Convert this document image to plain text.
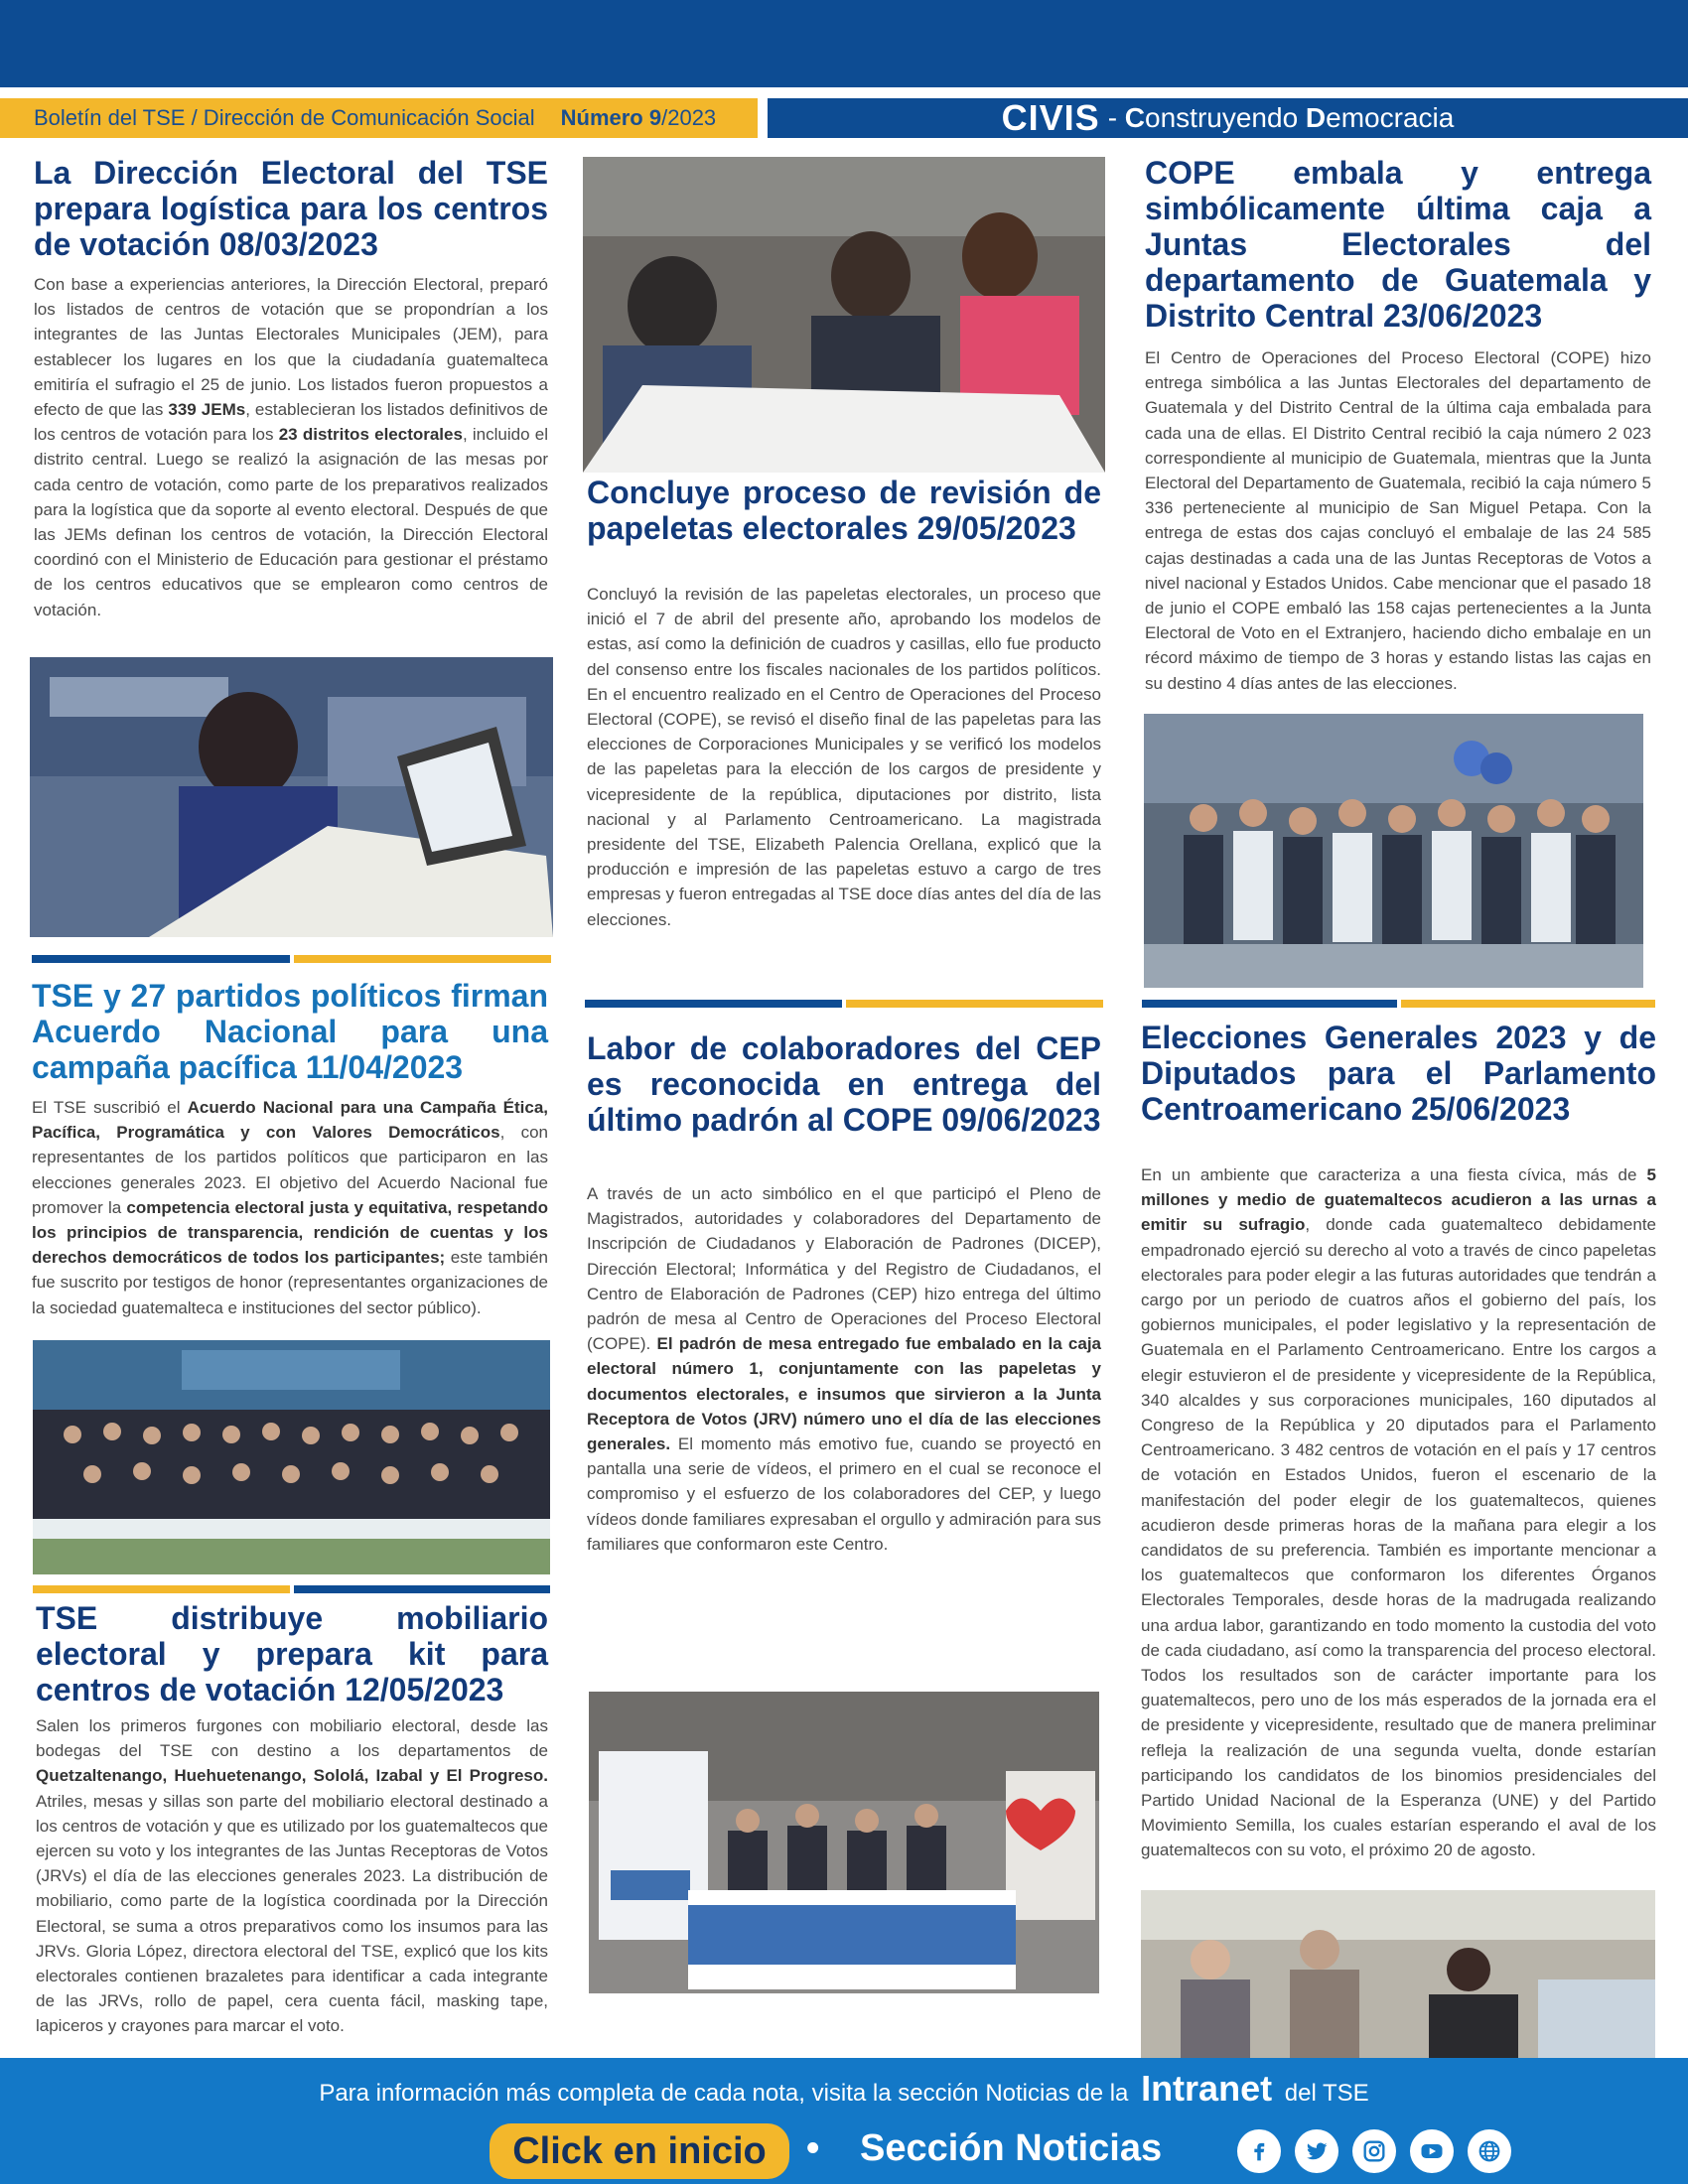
Boletín del TSE / Dirección de Comunicación Social Número 9/2023	CIVIS - Construyendo Democracia
La Dirección Electoral del TSE prepara logística para los centros de votación 08/03/2023

Con base a experiencias anteriores, la Dirección Electoral, preparó los listados de centros de votación que se propondrían a los integrantes de las Juntas Electorales Municipales (JEM), para establecer los lugares en los que la ciudadanía guatemalteca emitiría el sufragio el 25 de junio. Los listados fueron propuestos a efecto de que las 339 JEMs, establecieran los listados definitivos de los centros de votación para los 23 distritos electorales, incluido el distrito central. Luego se realizó la asignación de las mesas por cada centro de votación, como parte de los preparativos realizados para la logística que da soporte al evento electoral. Después de que las JEMs definan los centros de votación, la Dirección Electoral coordinó con el Ministerio de Educación para gestionar el préstamo de los centros educativos que se emplearon como centros de votación.

TSE y 27 partidos políticos firman Acuerdo Nacional para una campaña pacífica 11/04/2023

El TSE suscribió el Acuerdo Nacional para una Campaña Ética, Pacífica, Programática y con Valores Democráticos, con representantes de los partidos políticos que participaron en las elecciones generales 2023. El objetivo del Acuerdo Nacional fue promover la competencia electoral justa y equitativa, respetando los principios de transparencia, rendición de cuentas y los derechos democráticos de todos los participantes; este también fue suscrito por testigos de honor (representantes organizaciones de la sociedad guatemalteca e instituciones del sector público).

TSE distribuye mobiliario electoral y prepara kit para centros de votación 12/05/2023

Salen los primeros furgones con mobiliario electoral, desde las bodegas del TSE con destino a los departamentos de Quetzaltenango, Huehuetenango, Sololá, Izabal y El Progreso. Atriles, mesas y sillas son parte del mobiliario electoral destinado a los centros de votación y que es utilizado por los guatemaltecos que ejercen su voto y los integrantes de las Juntas Receptoras de Votos (JRVs) el día de las elecciones generales 2023. La distribución de mobiliario, como parte de la logística coordinada por la Dirección Electoral, se suma a otros preparativos como los insumos para las JRVs. Gloria López, directora electoral del TSE, explicó que los kits electorales contienen brazaletes para identificar a cada integrante de las JRVs, rollo de papel, cera cuenta fácil, masking tape, lapiceros y crayones para marcar el voto.

Concluye proceso de revisión de papeletas electorales 29/05/2023

Concluyó la revisión de las papeletas electorales, un proceso que inició el 7 de abril del presente año, aprobando los modelos de estas, así como la definición de cuadros y casillas, ello fue producto del consenso entre los fiscales nacionales de los partidos políticos. En el encuentro realizado en el Centro de Operaciones del Proceso Electoral (COPE), se revisó el diseño final de las papeletas para las elecciones de Corporaciones Municipales y se verificó los modelos de las papeletas para la elección de los cargos de presidente y vicepresidente de la república, diputaciones por distrito, lista nacional y al Parlamento Centroamericano. La magistrada presidente del TSE, Elizabeth Palencia Orellana, explicó que la producción e impresión de las papeletas estuvo a cargo de tres empresas y fueron entregadas al TSE doce días antes del día de las elecciones.

Labor de colaboradores del CEP es reconocida en entrega del último padrón al COPE 09/06/2023

A través de un acto simbólico en el que participó el Pleno de Magistrados, autoridades y colaboradores del Departamento de Inscripción de Ciudadanos y Elaboración de Padrones (DICEP), Dirección Electoral; Informática y del Registro de Ciudadanos, el Centro de Elaboración de Padrones (CEP) hizo entrega del último padrón de mesa al Centro de Operaciones del Proceso Electoral (COPE). El padrón de mesa entregado fue embalado en la caja electoral número 1, conjuntamente con las papeletas y documentos electorales, e insumos que sirvieron a la Junta Receptora de Votos (JRV) número uno el día de las elecciones generales. El momento más emotivo fue, cuando se proyectó en pantalla una serie de vídeos, el primero en el cual se reconoce el compromiso y el esfuerzo de los colaboradores del CEP, y luego vídeos donde familiares expresaban el orgullo y admiración para sus familiares que conformaron este Centro.

COPE embala y entrega simbólicamente última caja a Juntas Electorales del departamento de Guatemala y Distrito Central 23/06/2023

El Centro de Operaciones del Proceso Electoral (COPE) hizo entrega simbólica a las Juntas Electorales del departamento de Guatemala y del Distrito Central de la última caja embalada para cada una de ellas. El Distrito Central recibió la caja número 2 023 correspondiente al municipio de Guatemala, mientras que la Junta Electoral del Departamento de Guatemala, recibió la caja número 5 336 perteneciente al municipio de San Miguel Petapa. Con la entrega de estas dos cajas concluyó el embalaje de las 24 585 cajas destinadas a cada una de las Juntas Receptoras de Votos a nivel nacional y Estados Unidos. Cabe mencionar que el pasado 18 de junio el COPE embaló las 158 cajas pertenecientes a la Junta Electoral de Voto en el Extranjero, haciendo dicho embalaje en un récord máximo de tiempo de 3 horas y estando listas las cajas en su destino 4 días antes de las elecciones.

Elecciones Generales 2023 y de Diputados para el Parlamento Centroamericano 25/06/2023

En un ambiente que caracteriza a una fiesta cívica, más de 5 millones y medio de guatemaltecos acudieron a las urnas a emitir su sufragio, donde cada guatemalteco debidamente empadronado ejerció su derecho al voto a través de cinco papeletas electorales para poder elegir a las futuras autoridades que tendrán a cargo por un periodo de cuatros años el gobierno del país, los gobiernos municipales, el poder legislativo y la representación de Guatemala en el Parlamento Centroamericano. Entre los cargos a elegir estuvieron el de presidente y vicepresidente de la República, 340 alcaldes y sus corporaciones municipales, 160 diputados al Congreso de la República y 20 diputados para el Parlamento Centroamericano. 3 482 centros de votación en el país y 17 centros de votación en Estados Unidos, fueron el escenario de la manifestación del poder elegir de los guatemaltecos, quienes acudieron desde primeras horas de la mañana para elegir a los candidatos de su preferencia. También es importante mencionar a los guatemaltecos que conformaron los diferentes Órganos Electorales Temporales, desde horas de la madrugada realizando una ardua labor, garantizando en todo momento la custodia del voto de cada ciudadano, así como la transparencia del proceso electoral. Todos los resultados son de carácter importante para los guatemaltecos, pero uno de los más esperados de la jornada era el de presidente y vicepresidente, resultado que de manera preliminar refleja la realización de una segunda vuelta, donde estarían participando los candidatos de los binomios presidenciales del Partido Unidad Nacional de la Esperanza (UNE) y del Partido Movimiento Semilla, los cuales estarían esperando el aval de los guatemaltecos con su voto, el próximo 20 de agosto.

Para información más completa de cada nota, visita la sección Noticias de la Intranet del TSE
Click en inicio	• Sección Noticias
